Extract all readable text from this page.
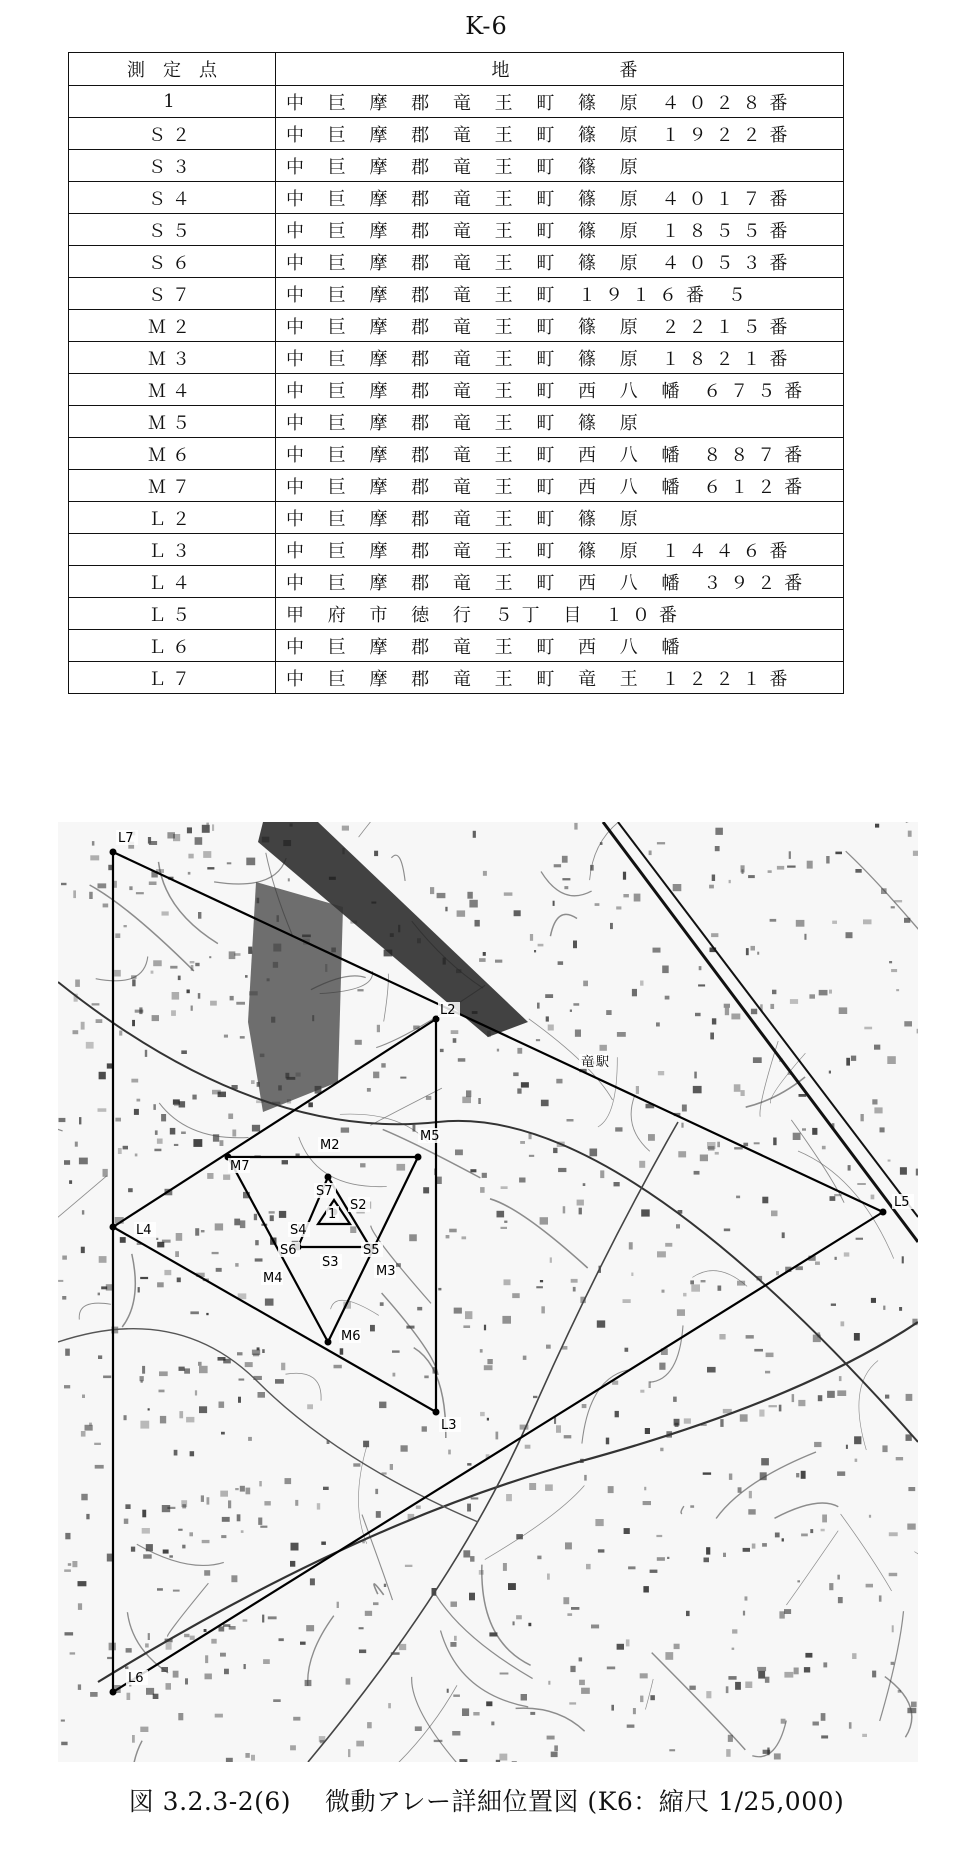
K-6
測　定　点	地 番
1	中 巨 摩 郡 竜 王 町 篠 原 ４０２８番
Ｓ２	中 巨 摩 郡 竜 王 町 篠 原 １９２２番
Ｓ３	中 巨 摩 郡 竜 王 町 篠 原
Ｓ４	中 巨 摩 郡 竜 王 町 篠 原 ４０１７番
Ｓ５	中 巨 摩 郡 竜 王 町 篠 原 １８５５番
Ｓ６	中 巨 摩 郡 竜 王 町 篠 原 ４０５３番
Ｓ７	中 巨 摩 郡 竜 王 町 １９１６番 ５
Ｍ２	中 巨 摩 郡 竜 王 町 篠 原 ２２１５番
Ｍ３	中 巨 摩 郡 竜 王 町 篠 原 １８２１番
Ｍ４	中 巨 摩 郡 竜 王 町 西 八 幡 ６７５番
Ｍ５	中 巨 摩 郡 竜 王 町 篠 原
Ｍ６	中 巨 摩 郡 竜 王 町 西 八 幡 ８８７番
Ｍ７	中 巨 摩 郡 竜 王 町 西 八 幡 ６１２番
Ｌ２	中 巨 摩 郡 竜 王 町 篠 原
Ｌ３	中 巨 摩 郡 竜 王 町 篠 原 １４４６番
Ｌ４	中 巨 摩 郡 竜 王 町 西 八 幡 ３９２番
Ｌ５	甲 府 市 徳 行 ５丁 目 １０番
Ｌ６	中 巨 摩 郡 竜 王 町 西 八 幡
Ｌ７	中 巨 摩 郡 竜 王 町 竜 王 １２２１番
L2
L3
L4
L5
L6
L7
M2
M3
M4
M5
M6
M7
S2
S3
S4
S5
S6
S7
1
竜 駅
図 3.2.3-2(6)　 微動アレー詳細位置図 (K6：縮尺 1/25,000)
